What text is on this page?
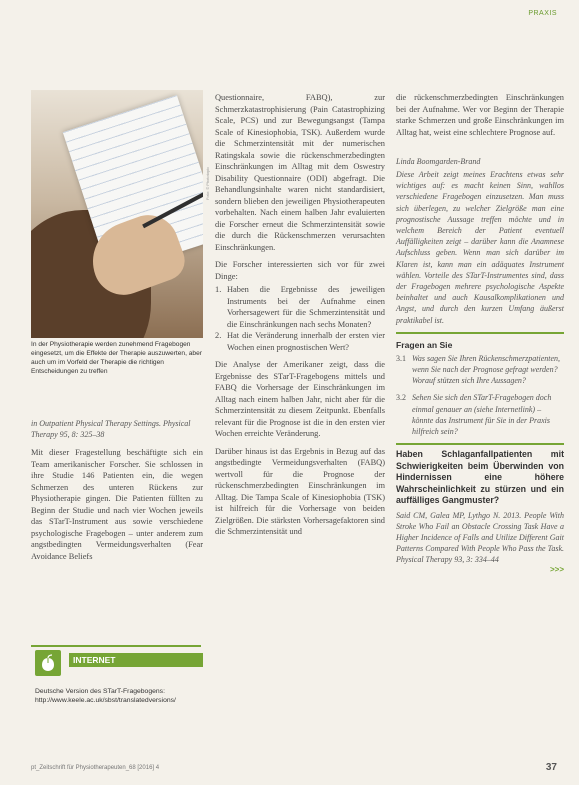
PRAXIS
Foto: © Phototopic
In der Physiotherapie werden zunehmend Fragebogen eingesetzt, um die Effekte der Therapie auszuwerten, aber auch um im Vorfeld der Therapie die richtigen Entscheidungen zu treffen
in Outpatient Physical Therapy Settings. Physical Therapy 95, 8: 325–38

Mit dieser Fragestellung beschäftigte sich ein Team amerikanischer Forscher. Sie schlossen in ihre Studie 146 Patienten ein, die wegen Schmerzen des unteren Rückens zur Physiotherapie gingen. Die Patienten füllten zu Beginn der Studie und nach vier Wochen jeweils das STarT-Instrument aus sowie verschiedene psychologische Fragebogen – unter anderem zum angstbedingten Vermeidungsverhalten (Fear Avoidance Beliefs

INTERNET
Deutsche Version des STarT-Fragebogens: http://www.keele.ac.uk/sbst/translatedversions/

Questionnaire, FABQ), zur Schmerzkatastrophisierung (Pain Catastrophizing Scale, PCS) und zur Bewegungsangst (Tampa Scale of Kinesiophobia, TSK). Außerdem wurde die Schmerzintensität mit der numerischen Ratingskala sowie die rückenschmerzbedingten Einschränkungen im Alltag mit dem Oswestry Disability Questionnaire (ODI) abgefragt. Die Behandlungsinhalte waren nicht standardisiert, sondern blieben den jeweiligen Physiotherapeuten vorbehalten. Nach einem halben Jahr evaluierten die Forscher erneut die Schmerzintensität sowie die durch die Rückenschmerzen verursachten Einschränkungen.

Die Forscher interessierten sich vor für zwei Dinge:

1. Haben die Ergebnisse des jeweiligen Instruments bei der Aufnahme einen Vorhersagewert für die Schmerzintensität und die Einschränkungen nach sechs Monaten?
2. Hat die Veränderung innerhalb der ersten vier Wochen einen prognostischen Wert?

Die Analyse der Amerikaner zeigt, dass die Ergebnisse des STarT-Fragebogens mittels und FABQ die Vorhersage der Einschränkungen im Alltag nach einem halben Jahr, nicht aber für die Schmerzintensität zu diesem Zeitpunkt. Ebenfalls relevant für die Prognose ist die in den ersten vier Wochen erreichte Veränderung.

Darüber hinaus ist das Ergebnis in Bezug auf das angstbedingte Vermeidungsverhalten (FABQ) wertvoll für die Prognose der rückenschmerzbedingten Einschränkungen im Alltag. Die Tampa Scale of Kinesiophobia (TSK) ist hilfreich für die Vorhersage von beiden Zielgrößen. Die stärksten Vorhersagefaktoren sind die Schmerzintensität und

die rückenschmerzbedingten Einschränkungen bei der Aufnahme. Wer vor Beginn der Therapie starke Schmerzen und große Einschränkungen im Alltag hat, weist eine schlechtere Prognose auf.

Linda Boomgarden-Brand

Diese Arbeit zeigt meines Erachtens etwas sehr wichtiges auf: es macht keinen Sinn, wahllos verschiedene Fragebogen einzusetzen. Man muss sich überlegen, zu welcher Zielgröße man eine prognostische Aussage treffen möchte und in welchem Bereich der Patient eventuell Auffälligkeiten zeigt – darüber kann die Anamnese Aufschluss geben. Wenn man sich darüber im Klaren ist, kann man ein adäquates Instrument wählen. Vorteile des STarT-Instrumentes sind, dass der Fragebogen mehrere psychologische Aspekte beinhaltet und auch Kausalkomplikationen und Angst, und durch den kurzen Umfang äußerst praktikabel ist.

Fragen an Sie
3.1 Was sagen Sie Ihren Rückenschmerzpatienten, wenn Sie nach der Prognose gefragt werden? Worauf stützen sich Ihre Aussagen?
3.2 Sehen Sie sich den STarT-Fragebogen doch einmal genauer an (siehe Internetlink) – könnte das Instrument für Sie in der Praxis hilfreich sein?

Haben Schlaganfallpatienten mit Schwierigkeiten beim Überwinden von Hindernissen eine höhere Wahrscheinlichkeit zu stürzen und ein auffälliges Gangmuster?

Said CM, Galea MP, Lythgo N. 2013. People With Stroke Who Fail an Obstacle Crossing Task Have a Higher Incidence of Falls and Utilize Different Gait Patterns Compared With People Who Pass the Task. Physical Therapy 93, 3: 334–44

>>>
pt_Zeitschrift für Physiotherapeuten_68 [2016] 4	37
